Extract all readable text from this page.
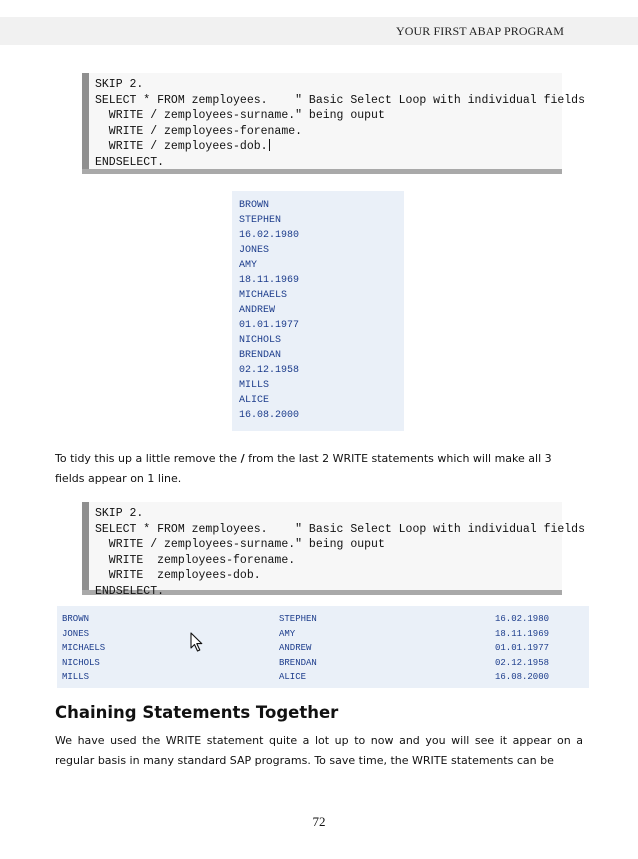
YOUR FIRST ABAP PROGRAM
SKIP 2.
SELECT * FROM zemployees.    " Basic Select Loop with individual fields
WRITE / zemployees-surname." being ouput
WRITE / zemployees-forename.
WRITE / zemployees-dob.
ENDSELECT.
BROWN
STEPHEN
16.02.1980
JONES
AMY
18.11.1969
MICHAELS
ANDREW
01.01.1977
NICHOLS
BRENDAN
02.12.1958
MILLS
ALICE
16.08.2000
To tidy this up a little remove the / from the last 2 WRITE statements which will make all 3 fields appear on 1 line.
SKIP 2.
SELECT * FROM zemployees.    " Basic Select Loop with individual fields
WRITE / zemployees-surname." being ouput
WRITE  zemployees-forename.
WRITE  zemployees-dob.
ENDSELECT.
BROWN	STEPHEN	16.02.1980
JONES	AMY	18.11.1969
MICHAELS	ANDREW	01.01.1977
NICHOLS	BRENDAN	02.12.1958
MILLS	ALICE	16.08.2000
Chaining Statements Together
We have used the WRITE statement quite a lot up to now and you will see it appear on a regular basis in many standard SAP programs. To save time, the WRITE statements can be
72
